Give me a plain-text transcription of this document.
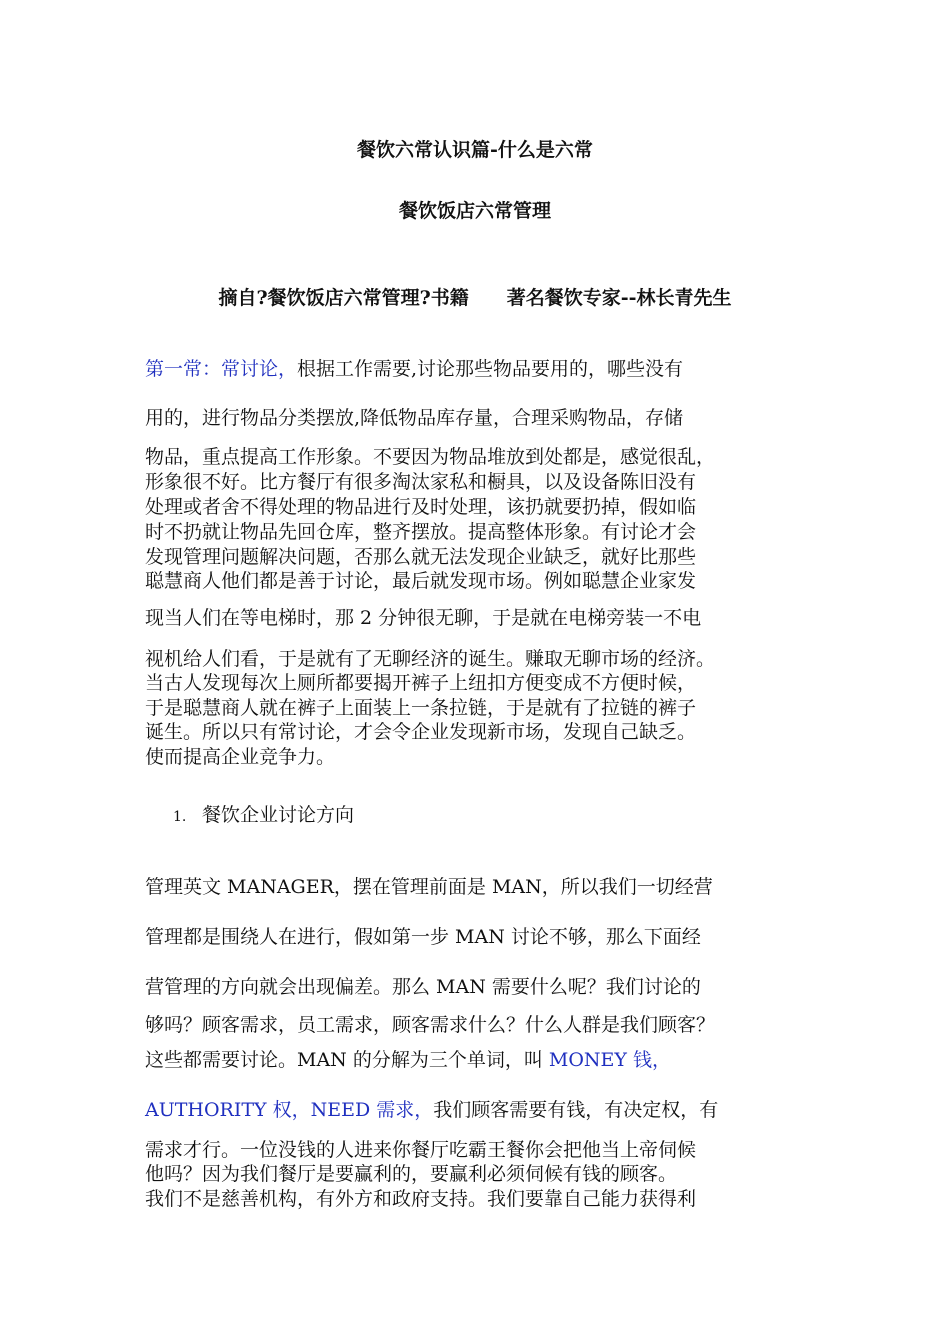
餐饮六常认识篇-什么是六常
餐饮饭店六常管理
摘自?餐饮饭店六常管理?书籍　　著名餐饮专家--林长青先生
第一常：常讨论，根据工作需要,讨论那些物品要用的，哪些没有
用的，进行物品分类摆放,降低物品库存量，合理采购物品，存储
物品，重点提高工作形象。不要因为物品堆放到处都是，感觉很乱，
形象很不好。比方餐厅有很多淘汰家私和橱具，以及设备陈旧没有
处理或者舍不得处理的物品进行及时处理，该扔就要扔掉，假如临
时不扔就让物品先回仓库，整齐摆放。提高整体形象。有讨论才会
发现管理问题解决问题，否那么就无法发现企业缺乏，就好比那些
聪慧商人他们都是善于讨论，最后就发现市场。例如聪慧企业家发
现当人们在等电梯时，那 2 分钟很无聊，于是就在电梯旁装一不电
视机给人们看，于是就有了无聊经济的诞生。赚取无聊市场的经济。
当古人发现每次上厕所都要揭开裤子上纽扣方便变成不方便时候，
于是聪慧商人就在裤子上面装上一条拉链，于是就有了拉链的裤子
诞生。所以只有常讨论，才会令企业发现新市场，发现自己缺乏。
使而提高企业竞争力。
1. 餐饮企业讨论方向
管理英文 MANAGER，摆在管理前面是 MAN，所以我们一切经营
管理都是围绕人在进行，假如第一步 MAN 讨论不够，那么下面经
营管理的方向就会出现偏差。那么 MAN 需要什么呢？我们讨论的
够吗？顾客需求，员工需求，顾客需求什么？什么人群是我们顾客？
这些都需要讨论。MAN 的分解为三个单词，叫 MONEY 钱，
AUTHORITY 权，NEED 需求，我们顾客需要有钱，有决定权，有
需求才行。一位没钱的人进来你餐厅吃霸王餐你会把他当上帝伺候
他吗？因为我们餐厅是要赢利的，要赢利必须伺候有钱的顾客。
我们不是慈善机构，有外方和政府支持。我们要靠自己能力获得利
